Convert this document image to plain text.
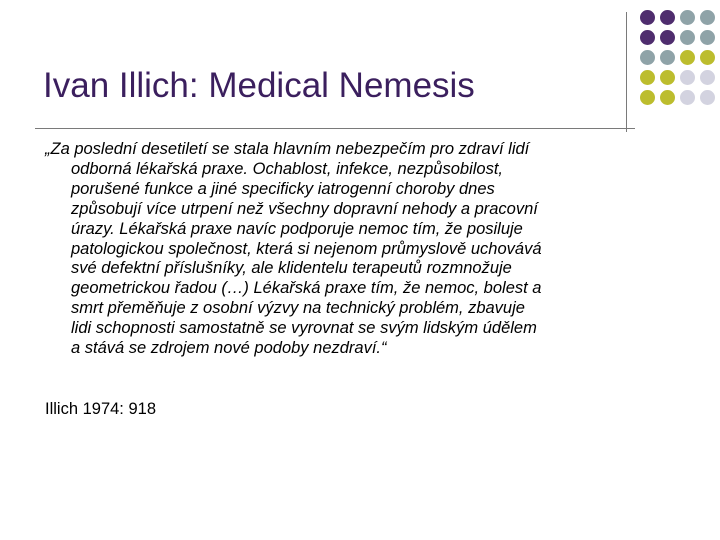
Ivan Illich: Medical Nemesis

„Za poslední desetiletí se stala hlavním nebezpečím pro zdraví lidí
odborná lékařská praxe. Ochablost, infekce, nezpůsobilost,
porušené funkce a jiné specificky iatrogenní choroby dnes
způsobují více utrpení než všechny dopravní nehody a pracovní
úrazy. Lékařská praxe navíc podporuje nemoc tím, že posiluje
patologickou společnost, která si nejenom průmyslově uchovává
své defektní příslušníky, ale klidentelu terapeutů rozmnožuje
geometrickou řadou (…) Lékařská praxe tím, že nemoc, bolest a
smrt přeměňuje z osobní výzvy na technický problém, zbavuje
lidi schopnosti samostatně se vyrovnat se svým lidským údělem
a stává se zdrojem nové podoby nezdraví.“

Illich 1974: 918
